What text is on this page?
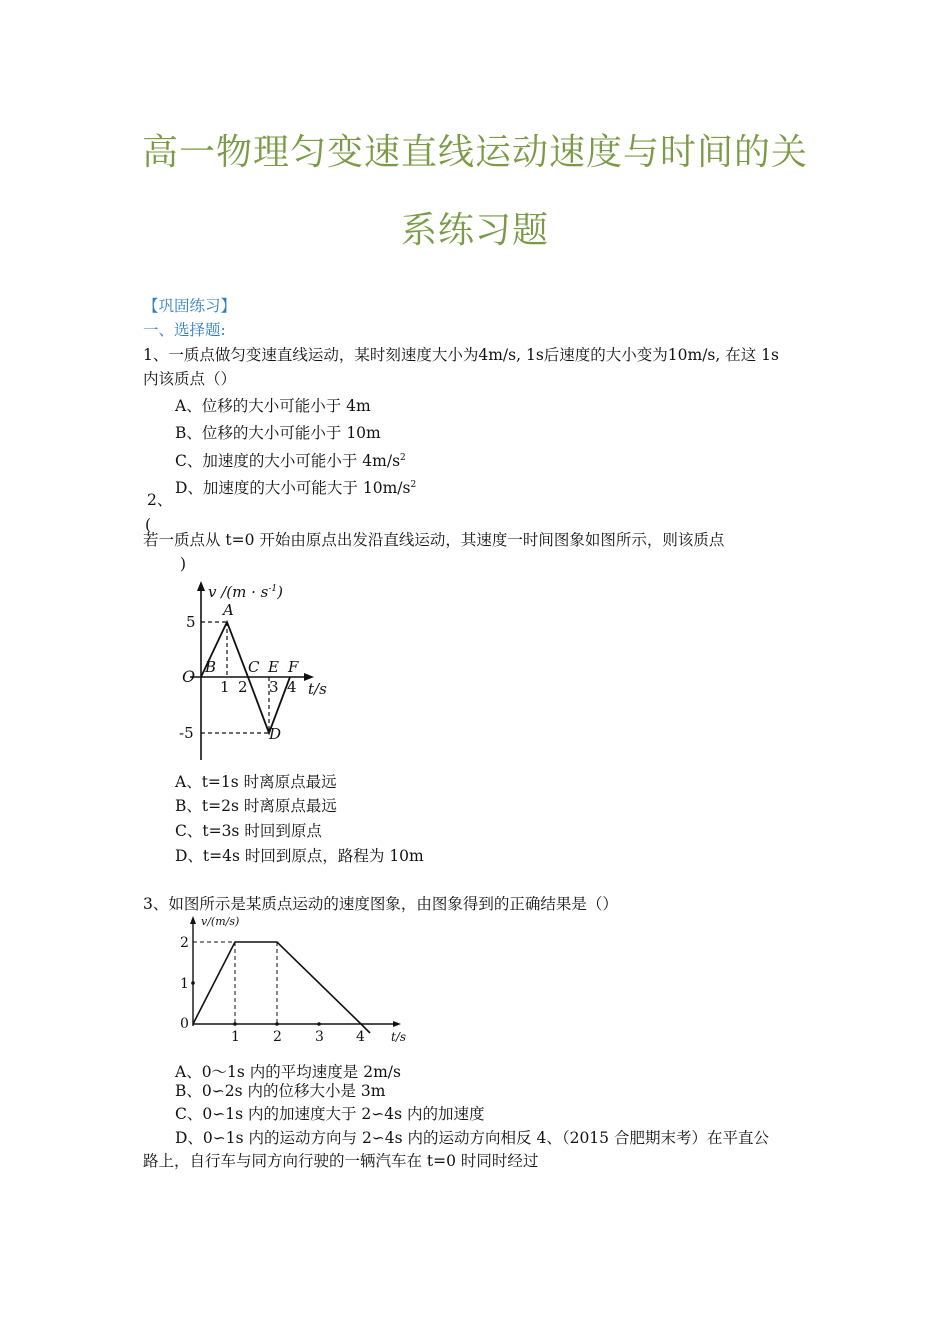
高一物理匀变速直线运动速度与时间的关
系练习题
【巩固练习】
一、选择题:
1、一质点做匀变速直线运动，某时刻速度大小为4m/s, 1s后速度的大小变为10m/s, 在这 1s
内该质点（）
A、位移的大小可能小于 4m
B、位移的大小可能小于 10m
C、加速度的大小可能小于 $4m/s^2$
D、加速度的大小可能大于 $10m/s^2$
2、
(
若一质点从 t=0 开始由原点出发沿直线运动，其速度一时间图象如图所示，则该质点
)
v $/(m \cdot s^{-1})$
5
-5
O
A
B C E F
D
1 2 3 4 t/s
A、t=1s 时离原点最远
B、t=2s 时离原点最远
C、t=3s 时回到原点
D、t=4s 时回到原点，路程为 10m
3、如图所示是某质点运动的速度图象，由图象得到的正确结果是（）
v/(m/s)
2
1
0
1 2 3 4 t/s
A、0～1s 内的平均速度是 2m/s
B、0∽2s 内的位移大小是 3m
C、0∽1s 内的加速度大于 2∽4s 内的加速度
D、0∽1s 内的运动方向与 2∽4s 内的运动方向相反 4、（2015 合肥期末考）在平直公
路上，自行车与同方向行驶的一辆汽车在 t=0 时同时经过
